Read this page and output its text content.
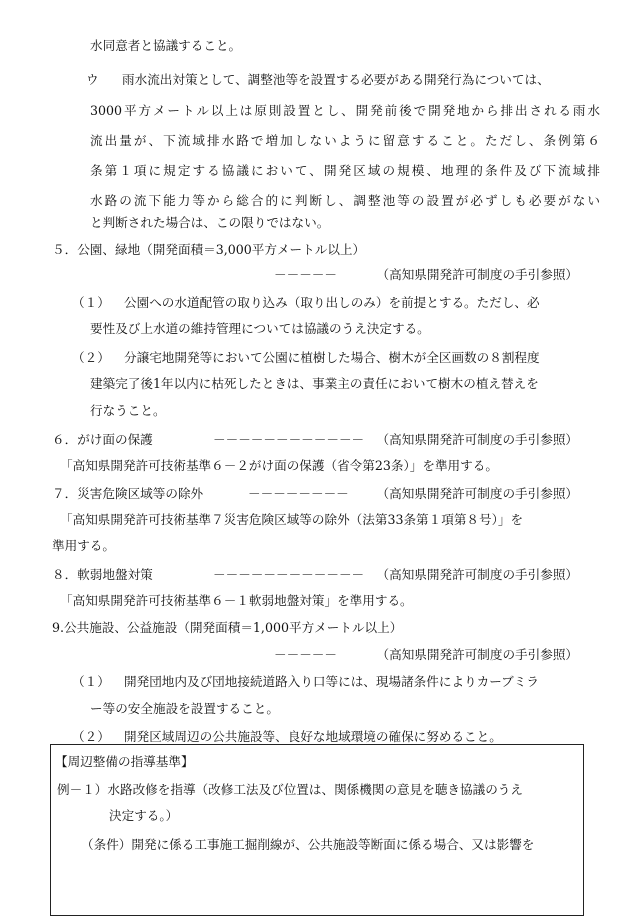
水同意者と協議すること。
ウ 雨水流出対策として、調整池等を設置する必要がある開発行為については、
3000平方メートル以上は原則設置とし、開発前後で開発地から排出される雨水
流出量が、下流域排水路で増加しないように留意すること。ただし、条例第６
条第１項に規定する協議において、開発区域の規模、地理的条件及び下流域排
水路の流下能力等から総合的に判断し、調整池等の設置が必ずしも必要がない
と判断された場合は、この限りではない。
５．公園、緑地（開発面積＝3,000平方メートル以上）
－－－－－	（高知県開発許可制度の手引参照）
（１） 公園への水道配管の取り込み（取り出しのみ）を前提とする。ただし、必
要性及び上水道の維持管理については協議のうえ決定する。
（２） 分譲宅地開発等において公園に植樹した場合、樹木が全区画数の８割程度
建築完了後1年以内に枯死したときは、事業主の責任において樹木の植え替えを
行なうこと。
６．がけ面の保護	－－－－－－－－－－－－ （高知県開発許可制度の手引参照）
「高知県開発許可技術基準６－２がけ面の保護（省令第23条）」を準用する。
７．災害危険区域等の除外	－－－－－－－－ （高知県開発許可制度の手引参照）
「高知県開発許可技術基準７災害危険区域等の除外（法第33条第１項第８号）」を
準用する。
８．軟弱地盤対策	－－－－－－－－－－－－ （高知県開発許可制度の手引参照）
「高知県開発許可技術基準６－１軟弱地盤対策」を準用する。
9.公共施設、公益施設（開発面積＝1,000平方メートル以上）
－－－－－	（高知県開発許可制度の手引参照）
（１） 開発団地内及び団地接続道路入り口等には、現場諸条件によりカーブミラ
ー等の安全施設を設置すること。
（２） 開発区域周辺の公共施設等、良好な地域環境の確保に努めること。
【周辺整備の指導基準】
例－１）水路改修を指導（改修工法及び位置は、関係機関の意見を聴き協議のうえ
決定する。）
（条件）開発に係る工事施工掘削線が、公共施設等断面に係る場合、又は影響を
